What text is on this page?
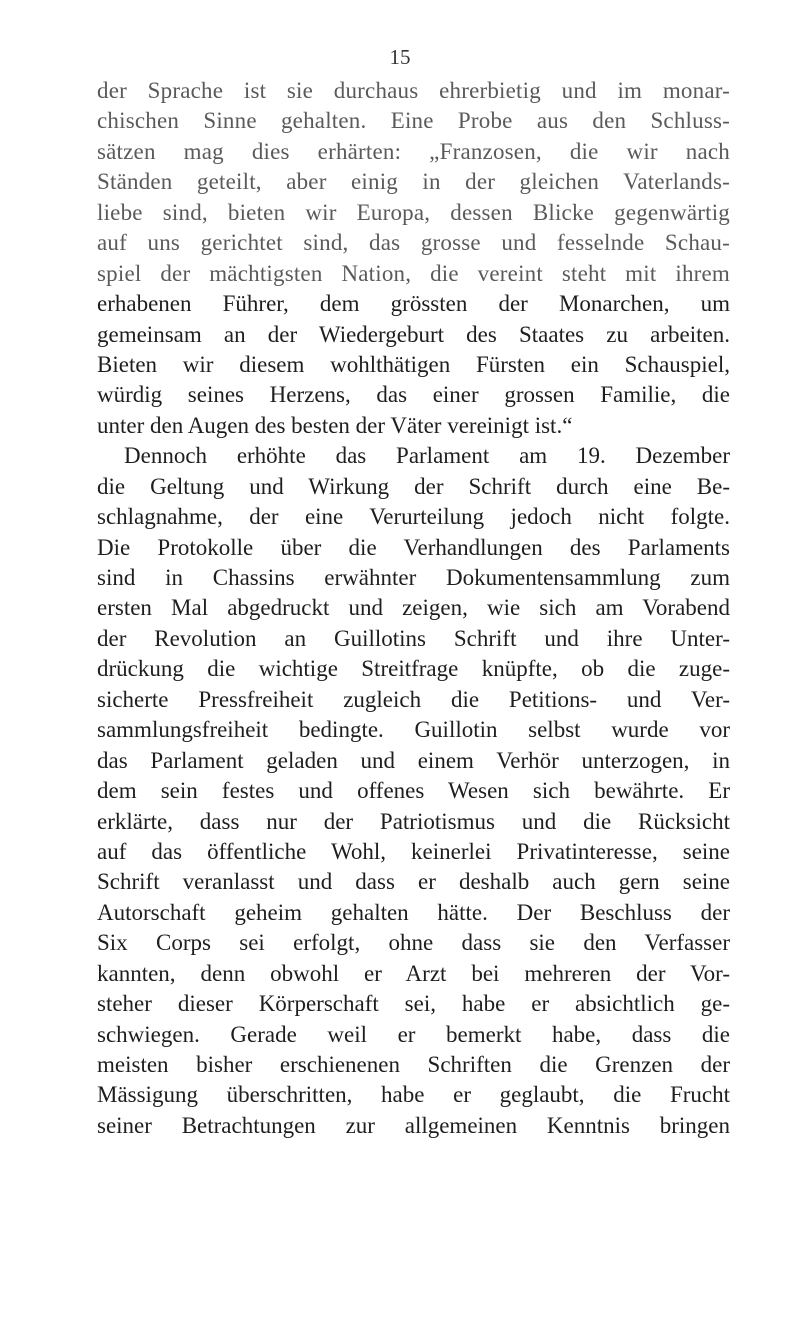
15
der Sprache ist sie durchaus ehrerbietig und im monar-
chischen Sinne gehalten. Eine Probe aus den Schluss-
sätzen mag dies erhärten: „Franzosen, die wir nach
Ständen geteilt, aber einig in der gleichen Vaterlands-
liebe sind, bieten wir Europa, dessen Blicke gegenwärtig
auf uns gerichtet sind, das grosse und fesselnde Schau-
spiel der mächtigsten Nation, die vereint steht mit ihrem
erhabenen Führer, dem grössten der Monarchen, um
gemeinsam an der Wiedergeburt des Staates zu arbeiten.
Bieten wir diesem wohlthätigen Fürsten ein Schauspiel,
würdig seines Herzens, das einer grossen Familie, die
unter den Augen des besten der Väter vereinigt ist.“
Dennoch erhöhte das Parlament am 19. Dezember
die Geltung und Wirkung der Schrift durch eine Be-
schlagnahme, der eine Verurteilung jedoch nicht folgte.
Die Protokolle über die Verhandlungen des Parlaments
sind in Chassins erwähnter Dokumentensammlung zum
ersten Mal abgedruckt und zeigen, wie sich am Vorabend
der Revolution an Guillotins Schrift und ihre Unter-
drückung die wichtige Streitfrage knüpfte, ob die zuge-
sicherte Pressfreiheit zugleich die Petitions- und Ver-
sammlungsfreiheit bedingte. Guillotin selbst wurde vor
das Parlament geladen und einem Verhör unterzogen, in
dem sein festes und offenes Wesen sich bewährte. Er
erklärte, dass nur der Patriotismus und die Rücksicht
auf das öffentliche Wohl, keinerlei Privatinteresse, seine
Schrift veranlasst und dass er deshalb auch gern seine
Autorschaft geheim gehalten hätte. Der Beschluss der
Six Corps sei erfolgt, ohne dass sie den Verfasser
kannten, denn obwohl er Arzt bei mehreren der Vor-
steher dieser Körperschaft sei, habe er absichtlich ge-
schwiegen. Gerade weil er bemerkt habe, dass die
meisten bisher erschienenen Schriften die Grenzen der
Mässigung überschritten, habe er geglaubt, die Frucht
seiner Betrachtungen zur allgemeinen Kenntnis bringen
